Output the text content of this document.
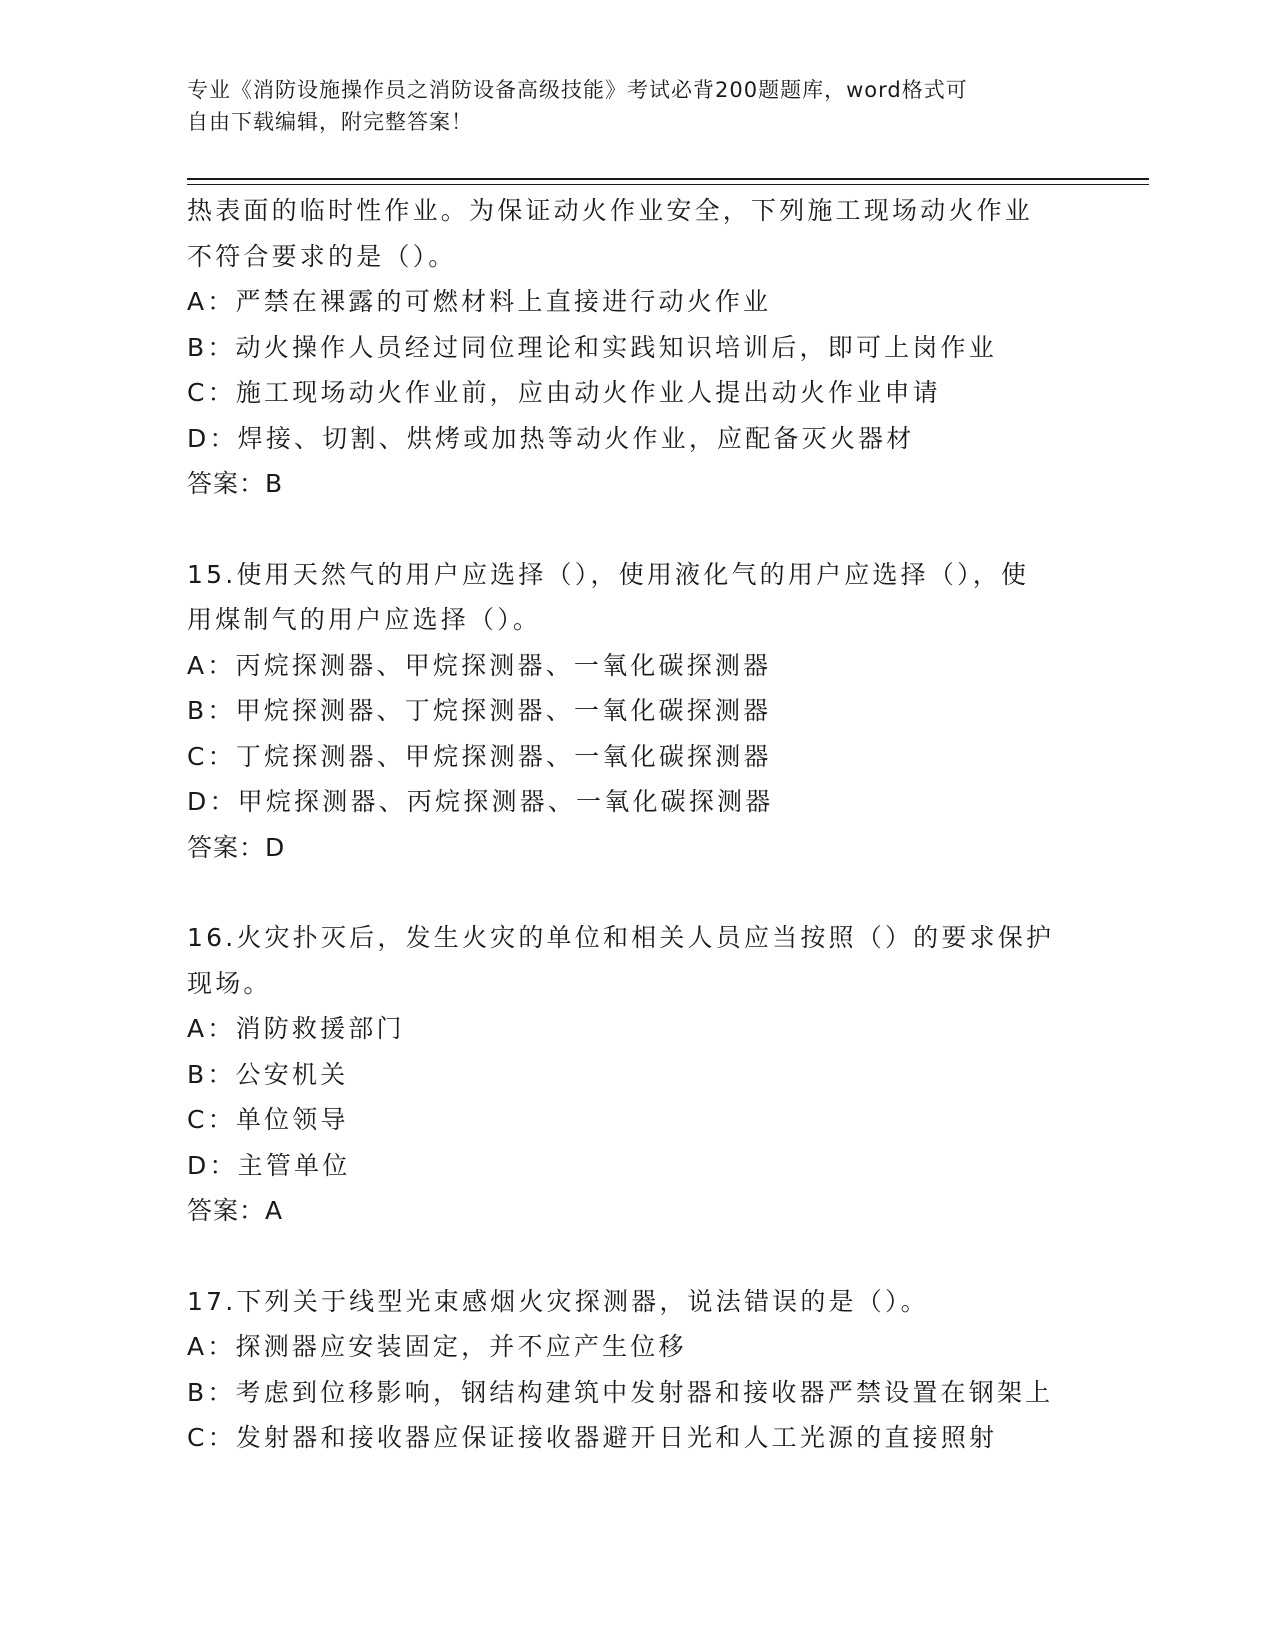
专业《消防设施操作员之消防设备高级技能》考试必背200题题库，word格式可
自由下载编辑，附完整答案！
热表面的临时性作业。为保证动火作业安全，下列施工现场动火作业
不符合要求的是（）。
A：严禁在裸露的可燃材料上直接进行动火作业
B：动火操作人员经过同位理论和实践知识培训后，即可上岗作业
C：施工现场动火作业前，应由动火作业人提出动火作业申请
D：焊接、切割、烘烤或加热等动火作业，应配备灭火器材
答案：B
15.使用天然气的用户应选择（），使用液化气的用户应选择（），使
用煤制气的用户应选择（）。
A：丙烷探测器、甲烷探测器、一氧化碳探测器
B：甲烷探测器、丁烷探测器、一氧化碳探测器
C：丁烷探测器、甲烷探测器、一氧化碳探测器
D：甲烷探测器、丙烷探测器、一氧化碳探测器
答案：D
16.火灾扑灭后，发生火灾的单位和相关人员应当按照（）的要求保护
现场。
A：消防救援部门
B：公安机关
C：单位领导
D：主管单位
答案：A
17.下列关于线型光束感烟火灾探测器，说法错误的是（）。
A：探测器应安装固定，并不应产生位移
B：考虑到位移影响，钢结构建筑中发射器和接收器严禁设置在钢架上
C：发射器和接收器应保证接收器避开日光和人工光源的直接照射
